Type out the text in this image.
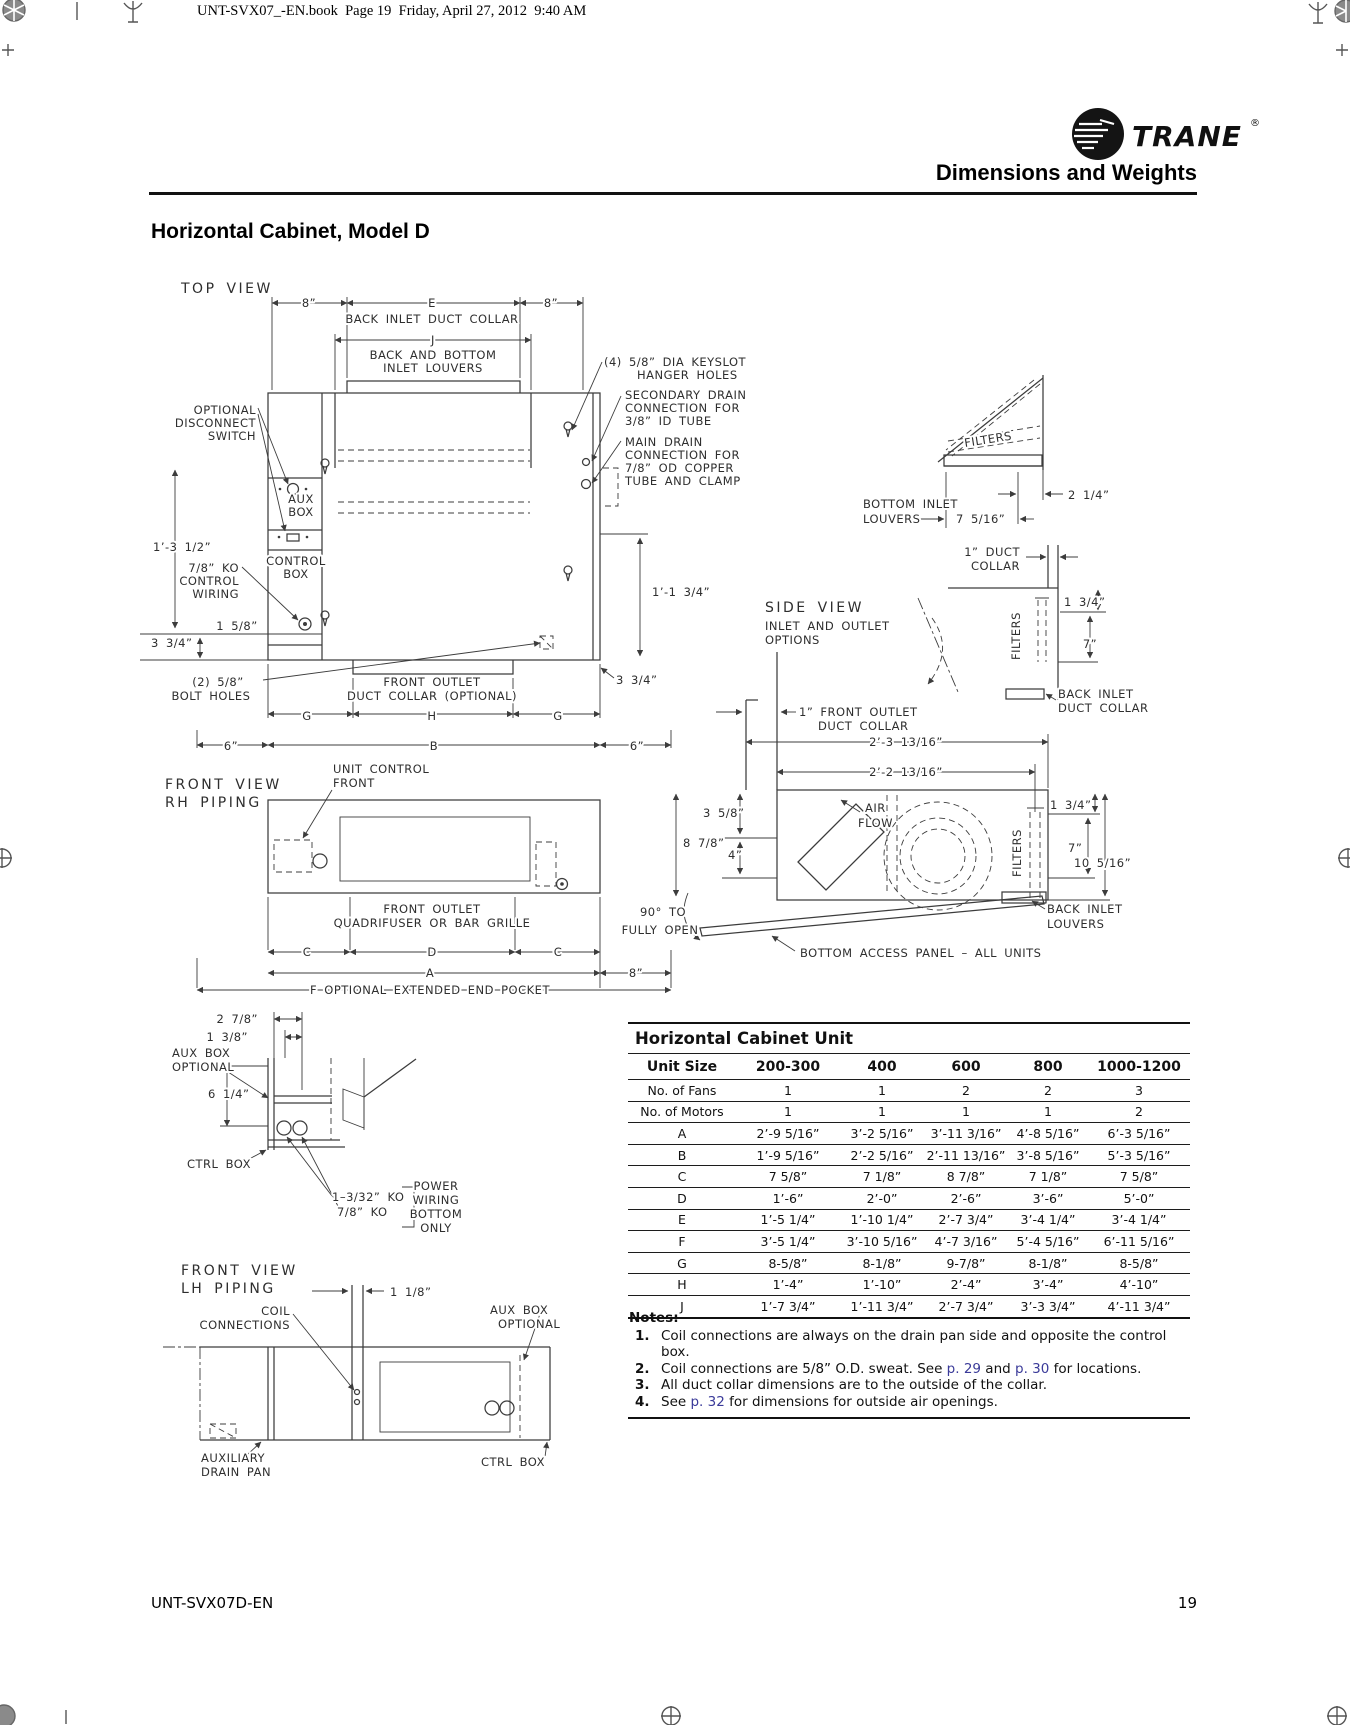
TOP VIEW
8”	E	8”
BACK INLET DUCT COLLAR
J
BACK AND BOTTOM
INLET LOUVERS	(4) 5/8” DIA KEYSLOT
HANGER HOLES
SECONDARY DRAIN
CONNECTION FOR
3/8” ID TUBE
MAIN DRAIN
CONNECTION FOR
7/8” OD COPPER
TUBE AND CLAMP
OPTIONAL
DISCONNECT
SWITCH
AUX
BOX
1’-3 1/2”
CONTROL
BOX
7/8” KO
CONTROL
WIRING
1 5/8”
3 3/4”
1’-1 3/4”
(2) 5/8”
BOLT HOLES
FRONT OUTLET
DUCT COLLAR (OPTIONAL)
3 3/4”
G	H	G
6”	B	6”
FILTERS
BOTTOM INLET
LOUVERS	7 5/16”
2 1/4”
1” DUCT
COLLAR
SIDE VIEW
INLET AND OUTLET
OPTIONS
1 3/4”
7”
FILTERS
BACK INLET
DUCT COLLAR
FRONT VIEW
RH PIPING
UNIT CONTROL
FRONT
1” FRONT OUTLET
DUCT COLLAR
2’-3 13/16”
2’-2 13/16”
3 5/8”
8 7/8”
4”
AIR
FLOW
FILTERS
1 3/4”
7”
10 5/16”
90° TO
FULLY OPEN
BACK INLET
LOUVERS
BOTTOM ACCESS PANEL – ALL UNITS
FRONT OUTLET
QUADRIFUSER OR BAR GRILLE
C	D	C
A	8”
F OPTIONAL EXTENDED END POCKET
2 7/8”
1 3/8”
AUX BOX
OPTIONAL
6 1/4”
CTRL BOX
1–3/32” KO
7/8” KO
POWER
WIRING
BOTTOM
ONLY
FRONT VIEW
LH PIPING	1 1/8”
COIL
CONNECTIONS
AUX BOX
OPTIONAL
AUXILIARY
DRAIN PAN
CTRL BOX
TRANE ®
UNT-SVX07_-EN.book  Page 19  Friday, April 27, 2012  9:40 AM
Dimensions and Weights
Horizontal Cabinet, Model D
Horizontal Cabinet Unit					
Unit Size	200-300	400	600	800	1000-1200
No. of Fans	1	1	2	2	3
No. of Motors	1	1	1	1	2
A	2’-9 5/16”	3’-2 5/16”	3’-11 3/16”	4’-8 5/16”	6’-3 5/16”
B	1’-9 5/16”	2’-2 5/16”	2’-11 13/16”	3’-8 5/16”	5’-3 5/16”
C	7 5/8”	7 1/8”	8 7/8”	7 1/8”	7 5/8”
D	1’-6”	2’-0”	2’-6”	3’-6”	5’-0”
E	1’-5 1/4”	1’-10 1/4”	2’-7 3/4”	3’-4 1/4”	3’-4 1/4”
F	3’-5 1/4”	3’-10 5/16”	4’-7 3/16”	5’-4 5/16”	6’-11 5/16”
G	8-5/8”	8-1/8”	9-7/8”	8-1/8”	8-5/8”
H	1’-4”	1’-10”	2’-4”	3’-4”	4’-10”
J	1’-7 3/4”	1’-11 3/4”	2’-7 3/4”	3’-3 3/4”	4’-11 3/4”
Notes:
1. Coil connections are always on the drain pan side and opposite the control box.
2. Coil connections are 5/8” O.D. sweat. See p. 29 and p. 30 for locations.
3. All duct collar dimensions are to the outside of the collar.
4. See p. 32 for dimensions for outside air openings.
UNT-SVX07D-EN	19
